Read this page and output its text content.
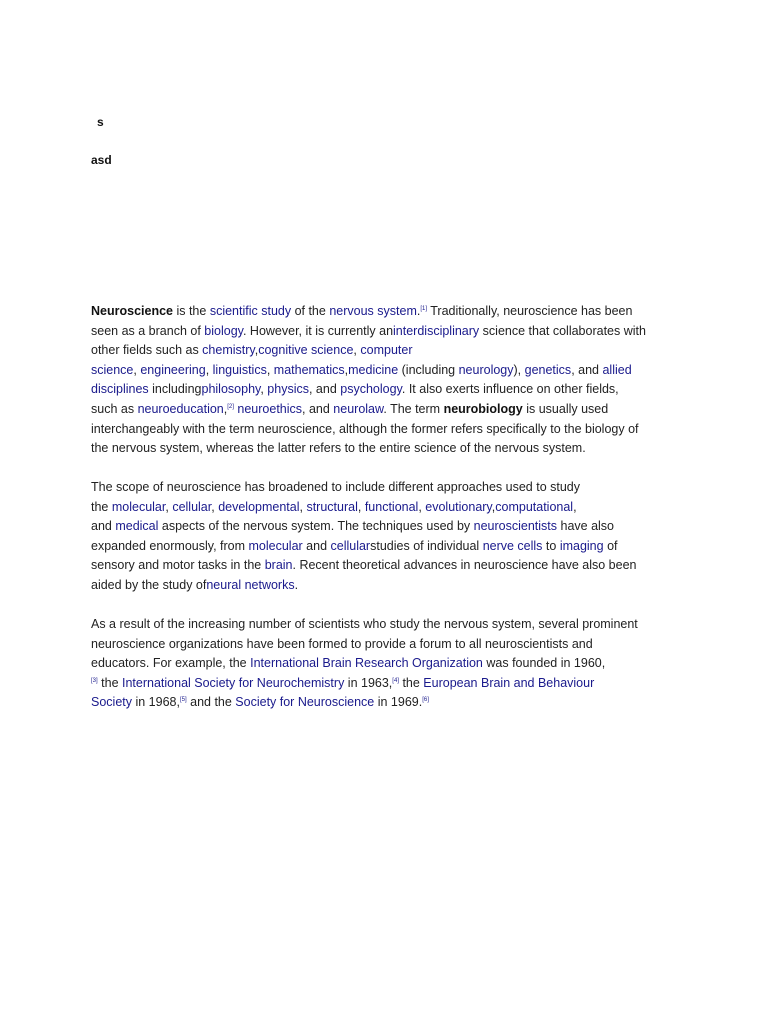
s
asd
Neuroscience is the scientific study of the nervous system.[1] Traditionally, neuroscience has been
seen as a branch of biology. However, it is currently aninterdisciplinary science that collaborates with
other fields such as chemistry,cognitive science, computer
science, engineering, linguistics, mathematics,medicine (including neurology), genetics, and allied
disciplines includingphilosophy, physics, and psychology. It also exerts influence on other fields,
such as neuroeducation,[2] neuroethics, and neurolaw. The term neurobiology is usually used
interchangeably with the term neuroscience, although the former refers specifically to the biology of
the nervous system, whereas the latter refers to the entire science of the nervous system.
The scope of neuroscience has broadened to include different approaches used to study
the molecular, cellular, developmental, structural, functional, evolutionary,computational,
and medical aspects of the nervous system. The techniques used by neuroscientists have also
expanded enormously, from molecular and cellularstudies of individual nerve cells to imaging of
sensory and motor tasks in the brain. Recent theoretical advances in neuroscience have also been
aided by the study ofneural networks.
As a result of the increasing number of scientists who study the nervous system, several prominent
neuroscience organizations have been formed to provide a forum to all neuroscientists and
educators. For example, the International Brain Research Organization was founded in 1960,
[3] the International Society for Neurochemistry in 1963,[4] the European Brain and Behaviour
Society in 1968,[5] and the Society for Neuroscience in 1969.[6]
